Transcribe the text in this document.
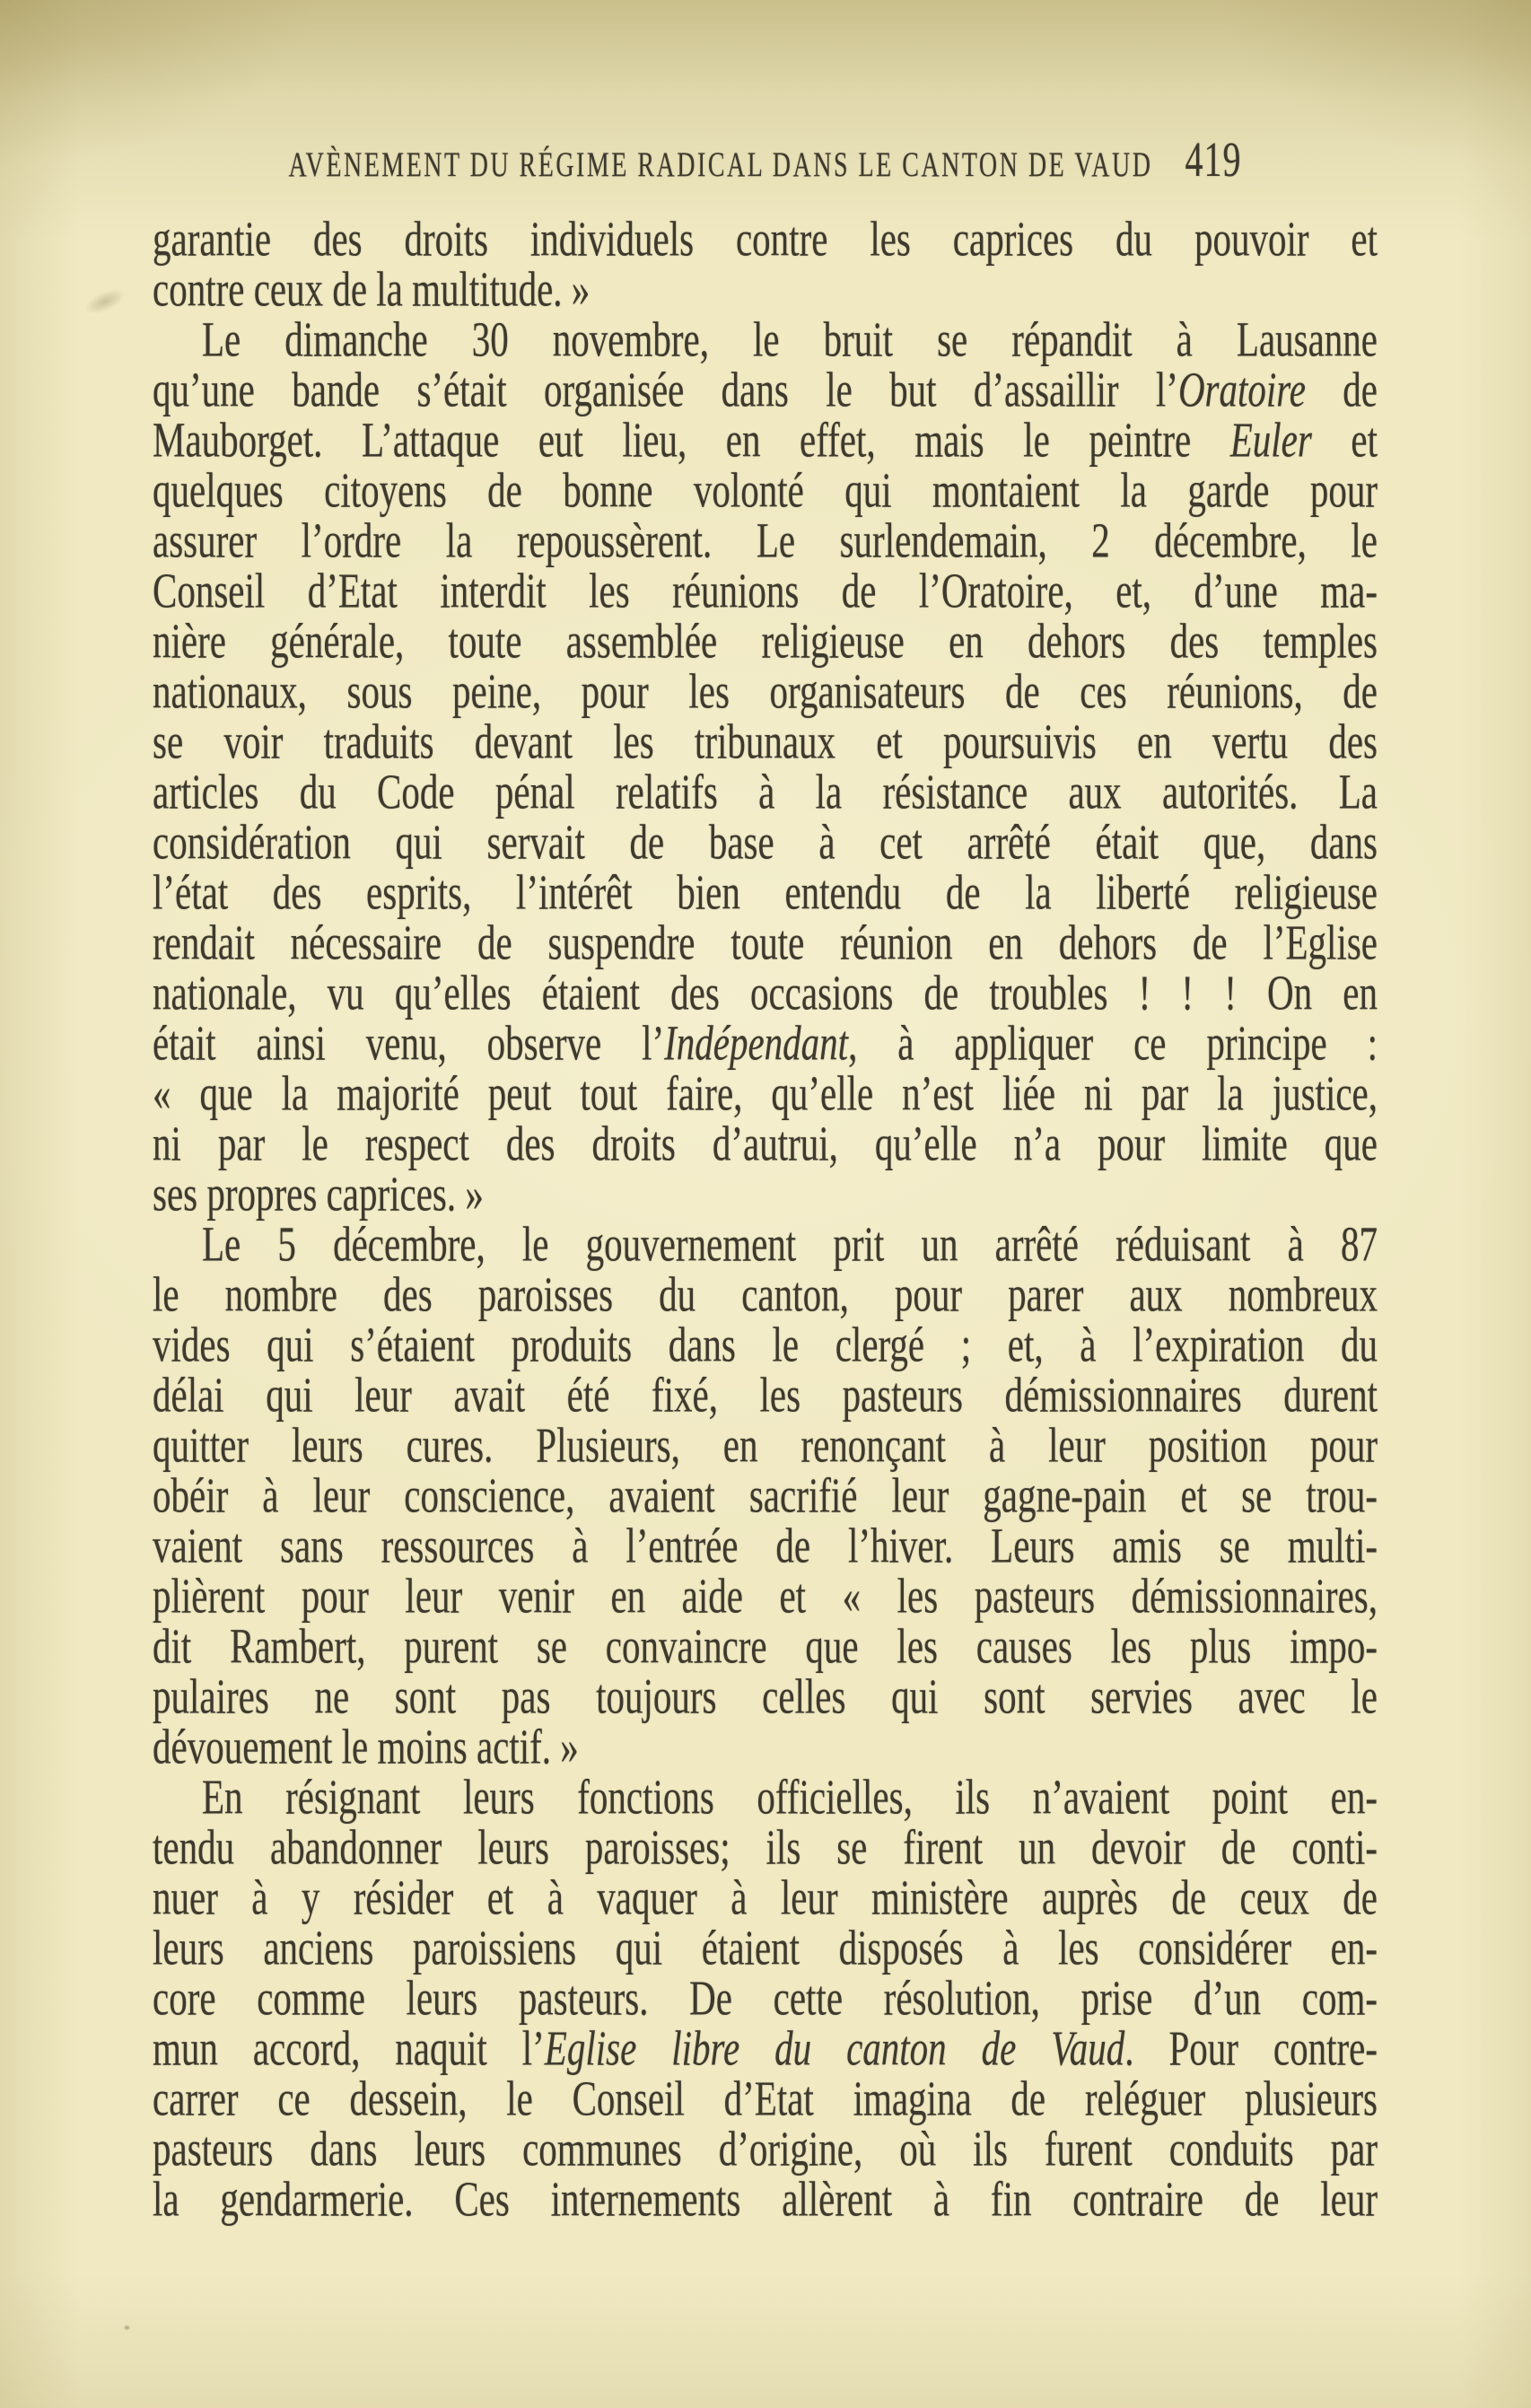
AVÈNEMENT DU RÉGIME RADICAL DANS LE CANTON DE VAUD 419
garantie des droits individuels contre les caprices du pouvoir et
contre ceux de la multitude. »
Le dimanche 30 novembre, le bruit se répandit à Lausanne
qu’une bande s’était organisée dans le but d’assaillir l’Oratoire de
Mauborget. L’attaque eut lieu, en effet, mais le peintre Euler et
quelques citoyens de bonne volonté qui montaient la garde pour
assurer l’ordre la repoussèrent. Le surlendemain, 2 décembre, le
Conseil d’Etat interdit les réunions de l’Oratoire, et, d’une ma-
nière générale, toute assemblée religieuse en dehors des temples
nationaux, sous peine, pour les organisateurs de ces réunions, de
se voir traduits devant les tribunaux et poursuivis en vertu des
articles du Code pénal relatifs à la résistance aux autorités. La
considération qui servait de base à cet arrêté était que, dans
l’état des esprits, l’intérêt bien entendu de la liberté religieuse
rendait nécessaire de suspendre toute réunion en dehors de l’Eglise
nationale, vu qu’elles étaient des occasions de troubles ! ! ! On en
était ainsi venu, observe l’Indépendant, à appliquer ce principe :
« que la majorité peut tout faire, qu’elle n’est liée ni par la justice,
ni par le respect des droits d’autrui, qu’elle n’a pour limite que
ses propres caprices. »
Le 5 décembre, le gouvernement prit un arrêté réduisant à 87
le nombre des paroisses du canton, pour parer aux nombreux
vides qui s’étaient produits dans le clergé ; et, à l’expiration du
délai qui leur avait été fixé, les pasteurs démissionnaires durent
quitter leurs cures. Plusieurs, en renonçant à leur position pour
obéir à leur conscience, avaient sacrifié leur gagne-pain et se trou-
vaient sans ressources à l’entrée de l’hiver. Leurs amis se multi-
plièrent pour leur venir en aide et « les pasteurs démissionnaires,
dit Rambert, purent se convaincre que les causes les plus impo-
pulaires ne sont pas toujours celles qui sont servies avec le
dévouement le moins actif. »
En résignant leurs fonctions officielles, ils n’avaient point en-
tendu abandonner leurs paroisses; ils se firent un devoir de conti-
nuer à y résider et à vaquer à leur ministère auprès de ceux de
leurs anciens paroissiens qui étaient disposés à les considérer en-
core comme leurs pasteurs. De cette résolution, prise d’un com-
mun accord, naquit l’Eglise libre du canton de Vaud. Pour contre-
carrer ce dessein, le Conseil d’Etat imagina de reléguer plusieurs
pasteurs dans leurs communes d’origine, où ils furent conduits par
la gendarmerie. Ces internements allèrent à fin contraire de leur
